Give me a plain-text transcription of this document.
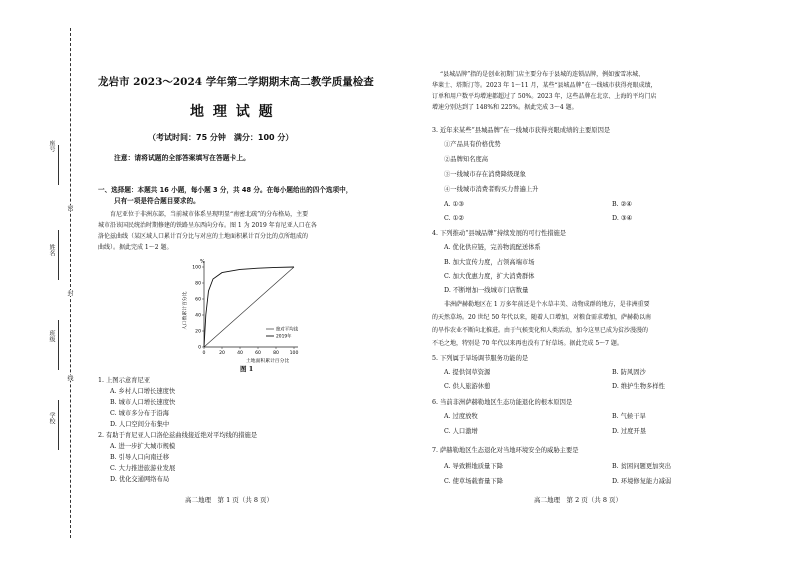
座号
姓名
班级
学校
密
封
线
龙岩市 2023～2024 学年第二学期期末高二教学质量检查
地 理 试 题
（考试时间：75 分钟　满分：100 分）
注意：请将试题的全部答案填写在答题卡上。
一、选择题：本题共 16 小题，每小题 3 分，共 48 分。在每小题给出的四个选项中，
只有一项是符合题目要求的。
育尼亚位于非洲东部，当前城市体系呈现明显“南密北疏”的分布格局，主要
城市沿该国民统治时期修建的铁路呈东西向分布。图 1 为 2019 年育尼亚人口在各
洛伦兹曲线（某区域人口累计百分比与对应的土地面积累计百分比的点所组成的
曲线）。据此完成 1～2 题。
%
人口数累计百分比
土地面积累计百分比
100
80
60
40
20
0
0	20	40	60	80 100
绝对平均线
2019年
图 1
1. 上图示意育尼亚
A. 乡村人口增长速度快
B. 城市人口增长速度快
C. 城市多分布于沿海
D. 人口空间分布集中
2. 有助于育尼亚人口洛伦兹曲线接近绝对平均线的措施是
A. 进一步扩大城市规模
B. 引导人口向南迁移
C. 大力推进旅游业发展
D. 优化交通网络布局
高二地理　第 1 页（共 8 页）
“县城品牌”指的是创业初期门店主要分布于县城的连锁品牌，例如蜜雪冰城、
华莱士、塔斯汀等。2023 年 1～11 月，某些“县城品牌”在一线城市获得亮眼成绩，
订单和用户数平均增速都超过了 50%。2023 年，这些品牌在北京、上海的平均门店
增速分别达到了 148%和 225%。据此完成 3～4 题。
3. 近年来某些“县城品牌”在一线城市获得亮眼成绩的主要原因是
①产品具有价格优势
②品牌知名度高
③一线城市存在消费降级现象
④一线城市消费者购买力普遍上升
A. ①③	B. ②④
C. ①②	D. ③④
4. 下列推动“县城品牌”持续发展的可行性措施是
A. 优化供应链，完善物流配送体系
B. 加大宣传力度，占领高端市场
C. 加大优惠力度，扩大消费群体
D. 不断增加一线城市门店数量
非洲萨赫勒地区在 1 万多年前还是个水草丰美、动物成群的地方，是非洲重要
的天然草场。20 世纪 50 年代以来，随着人口增加，对粮食需求增加，萨赫勒以南
的旱作农业不断向北推进。由于气候变化和人类活动，加今这里已成为贫沙漫漫的
不毛之地，特别是 70 年代以来再也没有了好草场。据此完成 5～7 题。
5. 下列属于旱场调节服务功能的是
A. 提供饲草资源	B. 防风固沙
C. 供人旅游休憩	D. 维护生物多样性
6. 当前非洲萨赫勒地区生态功能退化的根本原因是
A. 过度放牧	B. 气候干旱
C. 人口激增	D. 过度开垦
7. 萨赫勒地区生态退化对当地环境安全的威胁主要是
A. 导致耕地质量下降	B. 贫困问题更加突出
C. 使草场载畜量下降	D. 环境修复能力减弱
高二地理　第 2 页（共 8 页）
